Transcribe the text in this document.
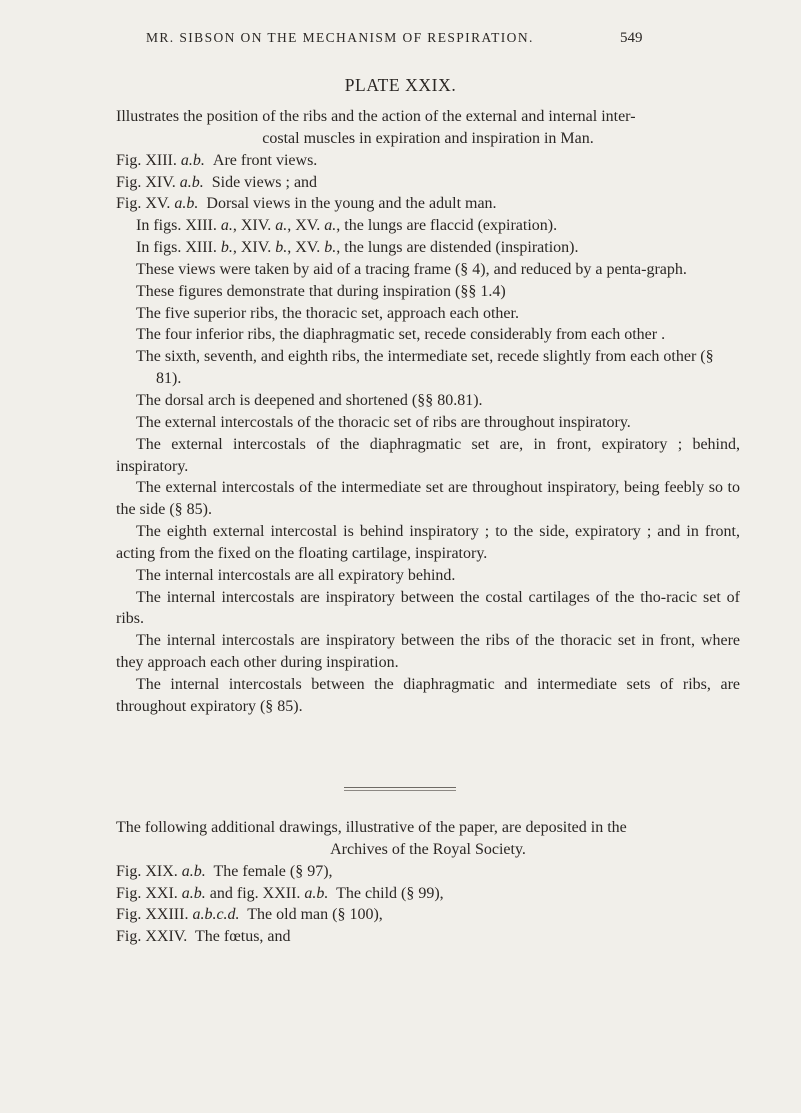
MR. SIBSON ON THE MECHANISM OF RESPIRATION.	549
PLATE XXIX.

Illustrates the position of the ribs and the action of the external and internal inter-

costal muscles in expiration and inspiration in Man.

Fig. XIII. a.b. Are front views.

Fig. XIV. a.b. Side views ; and

Fig. XV. a.b. Dorsal views in the young and the adult man.

In figs. XIII. a., XIV. a., XV. a., the lungs are flaccid (expiration).

In figs. XIII. b., XIV. b., XV. b., the lungs are distended (inspiration).

These views were taken by aid of a tracing frame (§ 4), and reduced by a penta-graph.

These figures demonstrate that during inspiration (§§ 1.4)

The five superior ribs, the thoracic set, approach each other.

The four inferior ribs, the diaphragmatic set, recede considerably from each other .

The sixth, seventh, and eighth ribs, the intermediate set, recede slightly from each other (§ 81).

The dorsal arch is deepened and shortened (§§ 80.81).

The external intercostals of the thoracic set of ribs are throughout inspiratory.

The external intercostals of the diaphragmatic set are, in front, expiratory ; behind, inspiratory.

The external intercostals of the intermediate set are throughout inspiratory, being feebly so to the side (§ 85).

The eighth external intercostal is behind inspiratory ; to the side, expiratory ; and in front, acting from the fixed on the floating cartilage, inspiratory.

The internal intercostals are all expiratory behind.

The internal intercostals are inspiratory between the costal cartilages of the tho-racic set of ribs.

The internal intercostals are inspiratory between the ribs of the thoracic set in front, where they approach each other during inspiration.

The internal intercostals between the diaphragmatic and intermediate sets of ribs, are throughout expiratory (§ 85).

The following additional drawings, illustrative of the paper, are deposited in the

Archives of the Royal Society.

Fig. XIX. a.b. The female (§ 97),

Fig. XXI. a.b. and fig. XXII. a.b. The child (§ 99),

Fig. XXIII. a.b.c.d. The old man (§ 100),

Fig. XXIV. The fœtus, and
